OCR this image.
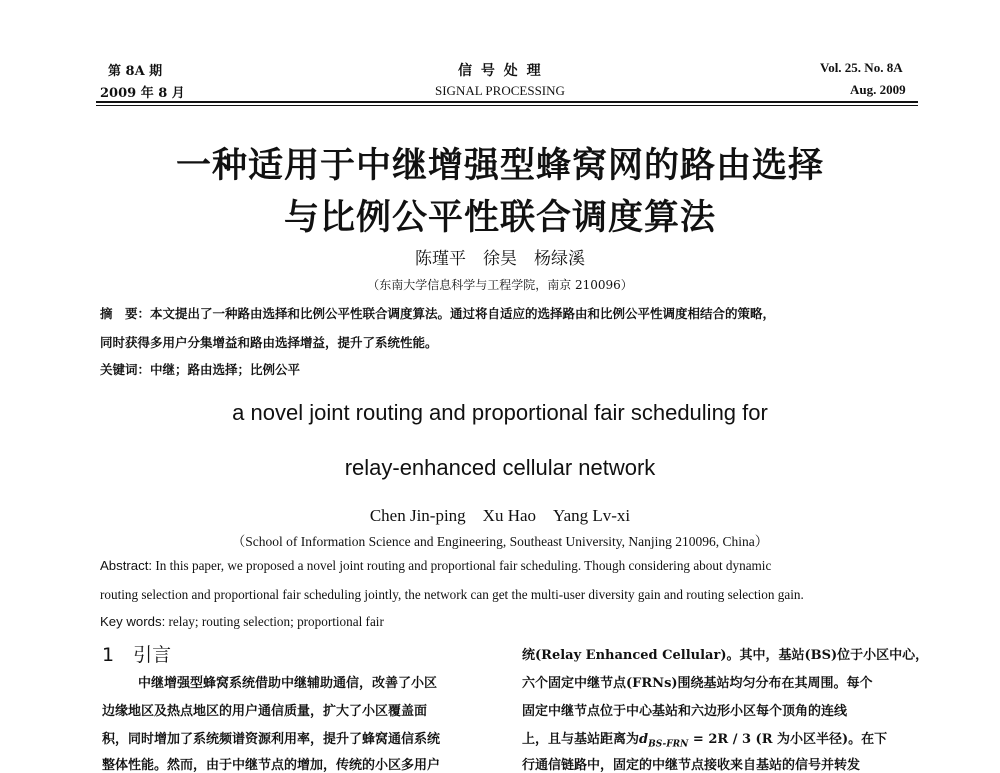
第 8A 期
2009 年 8 月
信 号 处 理
SIGNAL PROCESSING
Vol. 25. No. 8A
Aug. 2009
一种适用于中继增强型蜂窝网的路由选择
与比例公平性联合调度算法
陈瑾平　徐昊　杨绿溪
（东南大学信息科学与工程学院，南京 210096）
摘　要：本文提出了一种路由选择和比例公平性联合调度算法。通过将自适应的选择路由和比例公平性调度相结合的策略，
同时获得多用户分集增益和路由选择增益，提升了系统性能。
关键词：中继；路由选择；比例公平
a novel joint routing and proportional fair scheduling for
relay-enhanced cellular network
Chen Jin-ping　Xu Hao　Yang Lv-xi
（School of Information Science and Engineering, Southeast University, Nanjing 210096, China）
Abstract: In this paper, we proposed a novel joint routing and proportional fair scheduling. Though considering about dynamic
routing selection and proportional fair scheduling jointly, the network can get the multi-user diversity gain and routing selection gain.
Key words: relay; routing selection; proportional fair
1　引言
中继增强型蜂窝系统借助中继辅助通信，改善了小区
边缘地区及热点地区的用户通信质量，扩大了小区覆盖面
积，同时增加了系统频谱资源利用率，提升了蜂窝通信系统
整体性能。然而，由于中继节点的增加，传统的小区多用户
统(Relay Enhanced Cellular)。其中，基站(BS)位于小区中心，
六个固定中继节点(FRNs)围绕基站均匀分布在其周围。每个
固定中继节点位于中心基站和六边形小区每个顶角的连线
上，且与基站距离为$d_{BS-FRN} = 2R / 3$ (R 为小区半径)。在下
行通信链路中，固定的中继节点接收来自基站的信号并转发
